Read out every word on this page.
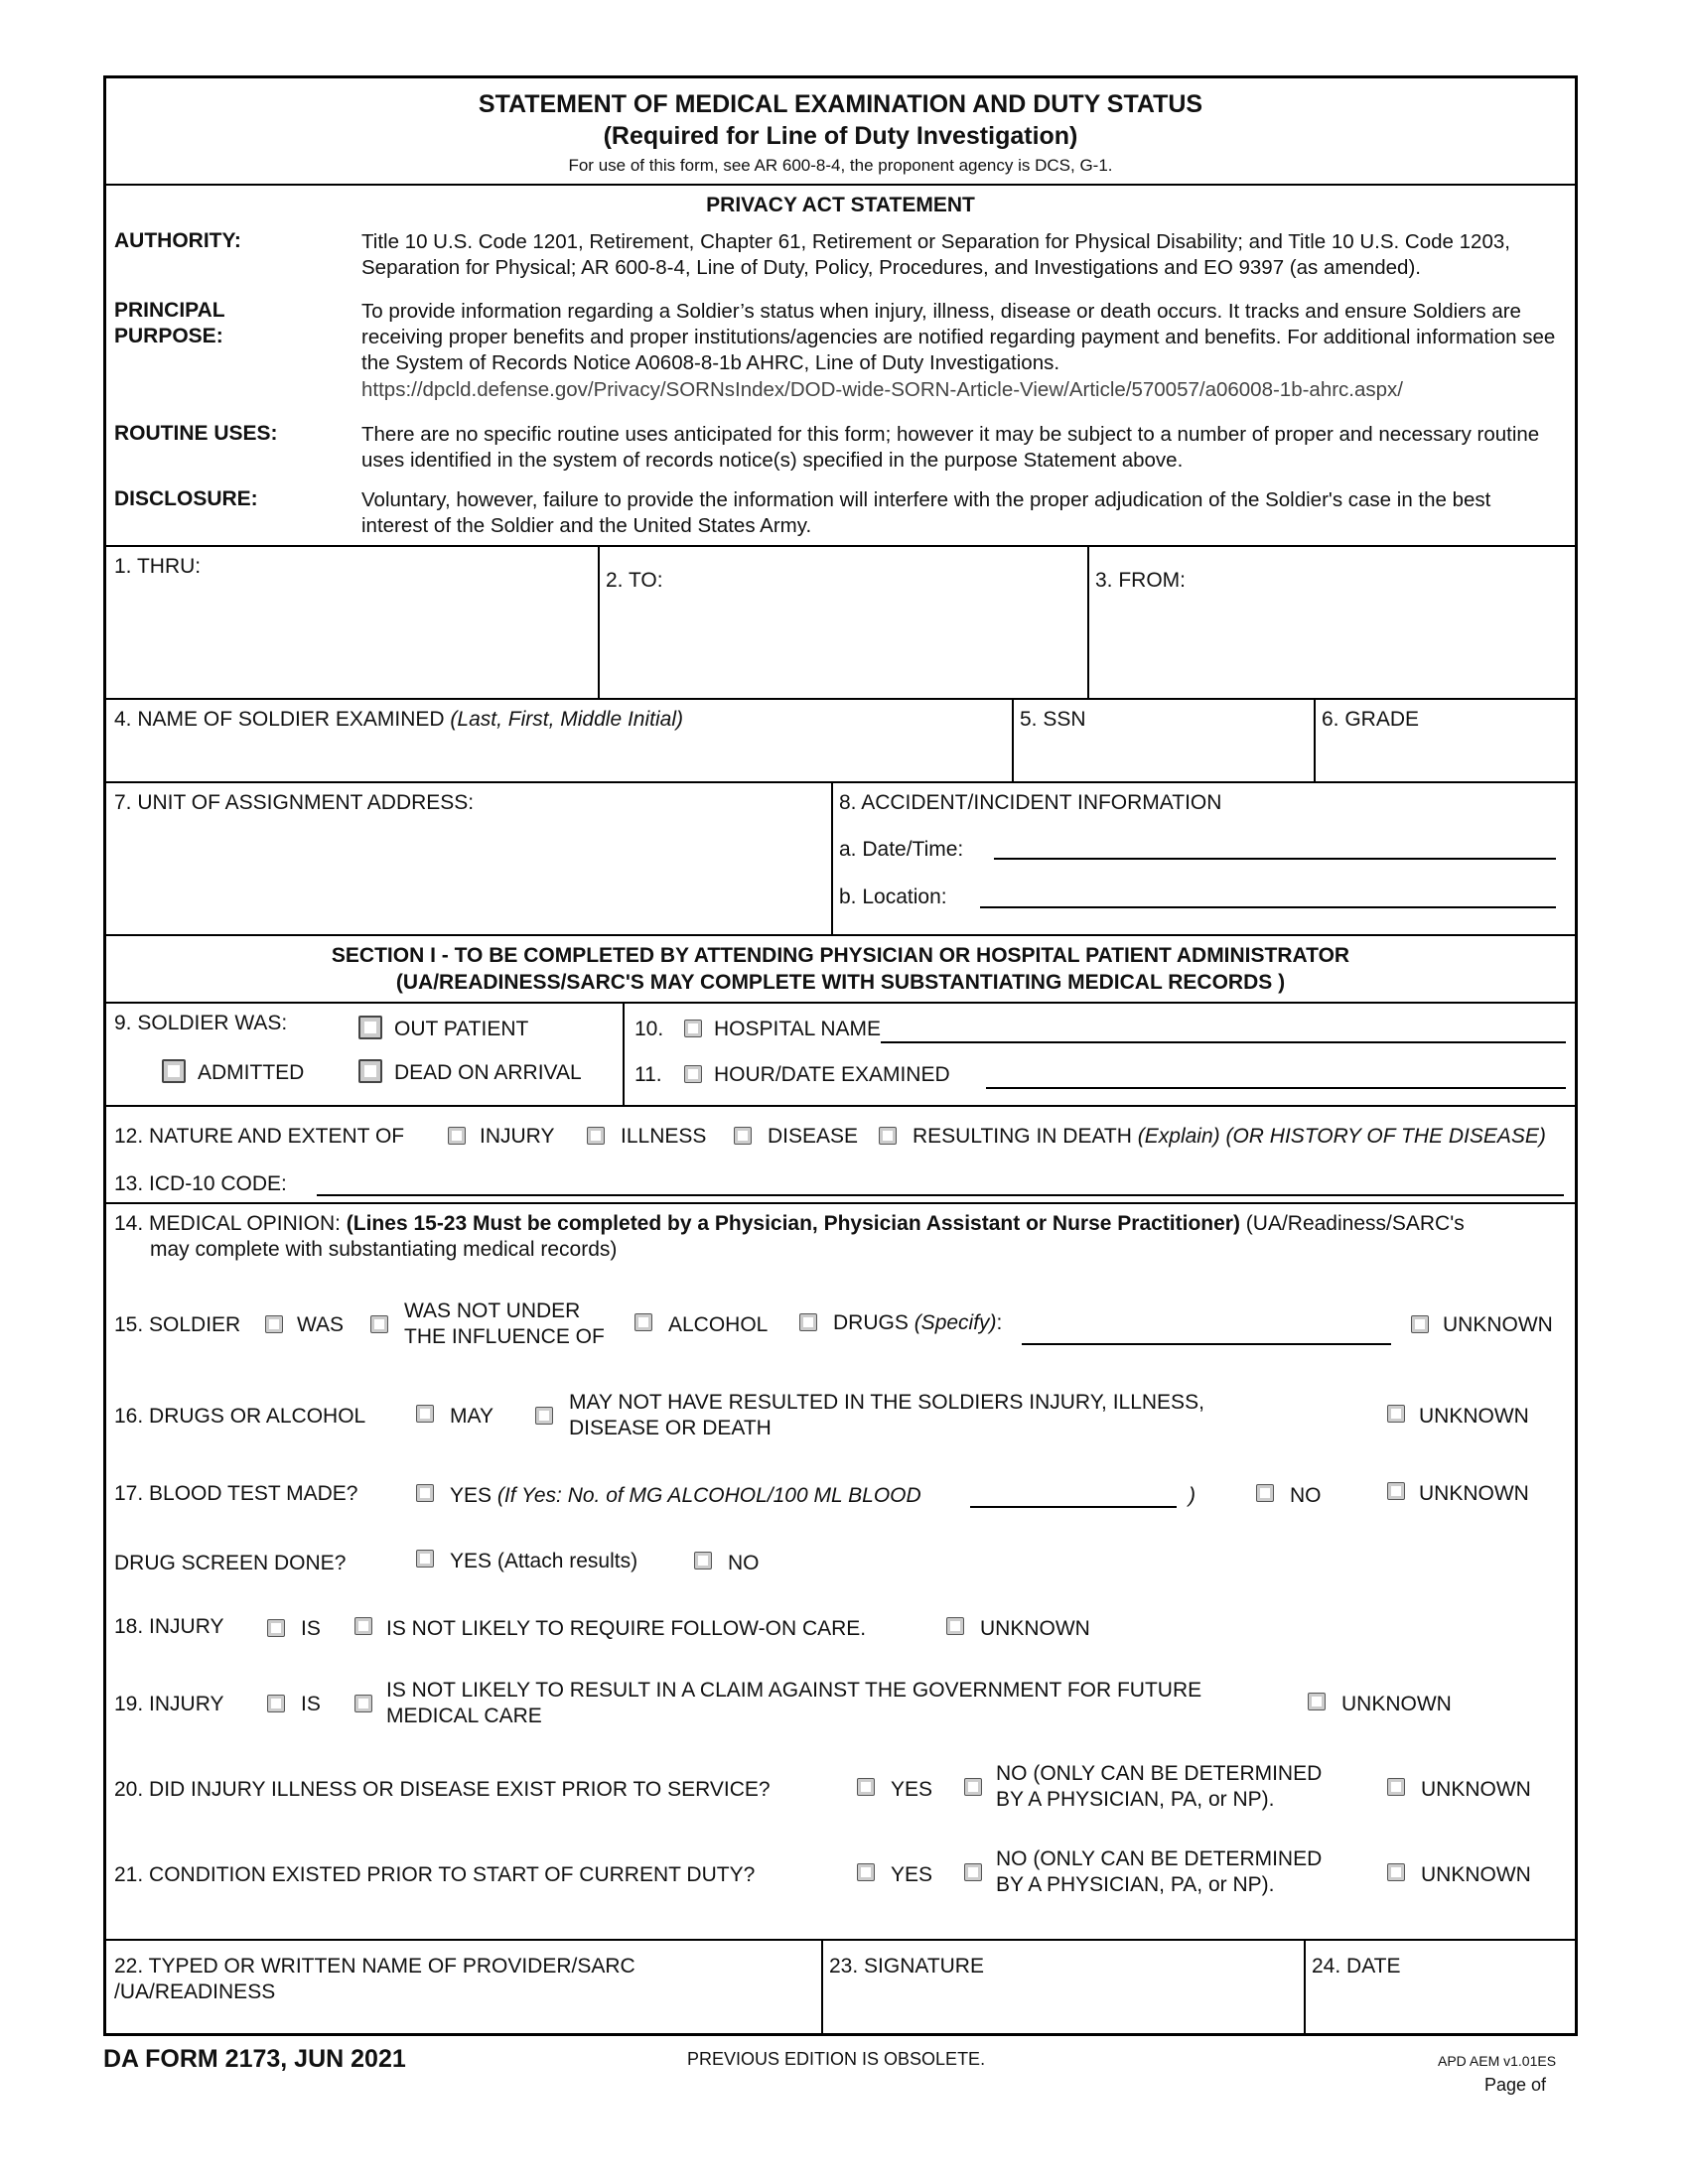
STATEMENT OF MEDICAL EXAMINATION AND DUTY STATUS
(Required for Line of Duty Investigation)
For use of this form, see AR 600-8-4, the proponent agency is DCS, G-1.
PRIVACY ACT STATEMENT
AUTHORITY:	Title 10 U.S. Code 1201, Retirement, Chapter 61, Retirement or Separation for Physical Disability; and Title 10 U.S. Code 1203, Separation for Physical; AR 600-8-4, Line of Duty, Policy, Procedures, and Investigations and EO 9397 (as amended).
PRINCIPAL
PURPOSE:
To provide information regarding a Soldier’s status when injury, illness, disease or death occurs. It tracks and ensure Soldiers are receiving proper benefits and proper institutions/agencies are notified regarding payment and benefits. For additional information see the System of Records Notice A0608-8-1b AHRC, Line of Duty Investigations.
https://dpcld.defense.gov/Privacy/SORNsIndex/DOD-wide-SORN-Article-View/Article/570057/a06008-1b-ahrc.aspx/
ROUTINE USES:	There are no specific routine uses anticipated for this form; however it may be subject to a number of proper and necessary routine uses identified in the system of records notice(s) specified in the purpose Statement above.
DISCLOSURE:	Voluntary, however, failure to provide the information will interfere with the proper adjudication of the Soldier's case in the best interest of the Soldier and the United States Army.
1. THRU:
2. TO:	3. FROM:
4. NAME OF SOLDIER EXAMINED (Last, First, Middle Initial)	5. SSN	6. GRADE
7. UNIT OF ASSIGNMENT ADDRESS:	8. ACCIDENT/INCIDENT INFORMATION
a. Date/Time:
b. Location:
SECTION I - TO BE COMPLETED BY ATTENDING PHYSICIAN OR HOSPITAL PATIENT ADMINISTRATOR
(UA/READINESS/SARC'S MAY COMPLETE WITH SUBSTANTIATING MEDICAL RECORDS )
9. SOLDIER WAS:	OUT PATIENT
ADMITTED	DEAD ON ARRIVAL
10. HOSPITAL NAME
11. HOUR/DATE EXAMINED
12. NATURE AND EXTENT OF	INJURY	ILLNESS	DISEASE	RESULTING IN DEATH (Explain) (OR HISTORY OF THE DISEASE)
13. ICD-10 CODE:
14. MEDICAL OPINION: (Lines 15-23 Must be completed by a Physician, Physician Assistant or Nurse Practitioner) (UA/Readiness/SARC's
may complete with substantiating medical records)
15. SOLDIER	WAS
WAS NOT UNDER
THE INFLUENCE OF
ALCOHOL	DRUGS (Specify):	UNKNOWN
16. DRUGS OR ALCOHOL	MAY
MAY NOT HAVE RESULTED IN THE SOLDIERS INJURY, ILLNESS,
DISEASE OR DEATH
UNKNOWN
17. BLOOD TEST MADE?	YES (If Yes: No. of MG ALCOHOL/100 ML BLOOD	)	NO	UNKNOWN
DRUG SCREEN DONE?	YES (Attach results)	NO
18. INJURY	IS	IS NOT LIKELY TO REQUIRE FOLLOW-ON CARE.	UNKNOWN
19. INJURY	IS
IS NOT LIKELY TO RESULT IN A CLAIM AGAINST THE GOVERNMENT FOR FUTURE
MEDICAL CARE
UNKNOWN
20. DID INJURY ILLNESS OR DISEASE EXIST PRIOR TO SERVICE?	YES
NO (ONLY CAN BE DETERMINED
BY A PHYSICIAN, PA, or NP).	UNKNOWN
21. CONDITION EXISTED PRIOR TO START OF CURRENT DUTY?	YES
NO (ONLY CAN BE DETERMINED
BY A PHYSICIAN, PA, or NP).	UNKNOWN
22. TYPED OR WRITTEN NAME OF PROVIDER/SARC
/UA/READINESS
23. SIGNATURE	24. DATE
DA FORM 2173, JUN 2021	PREVIOUS EDITION IS OBSOLETE.	APD AEM v1.01ES
Page of
